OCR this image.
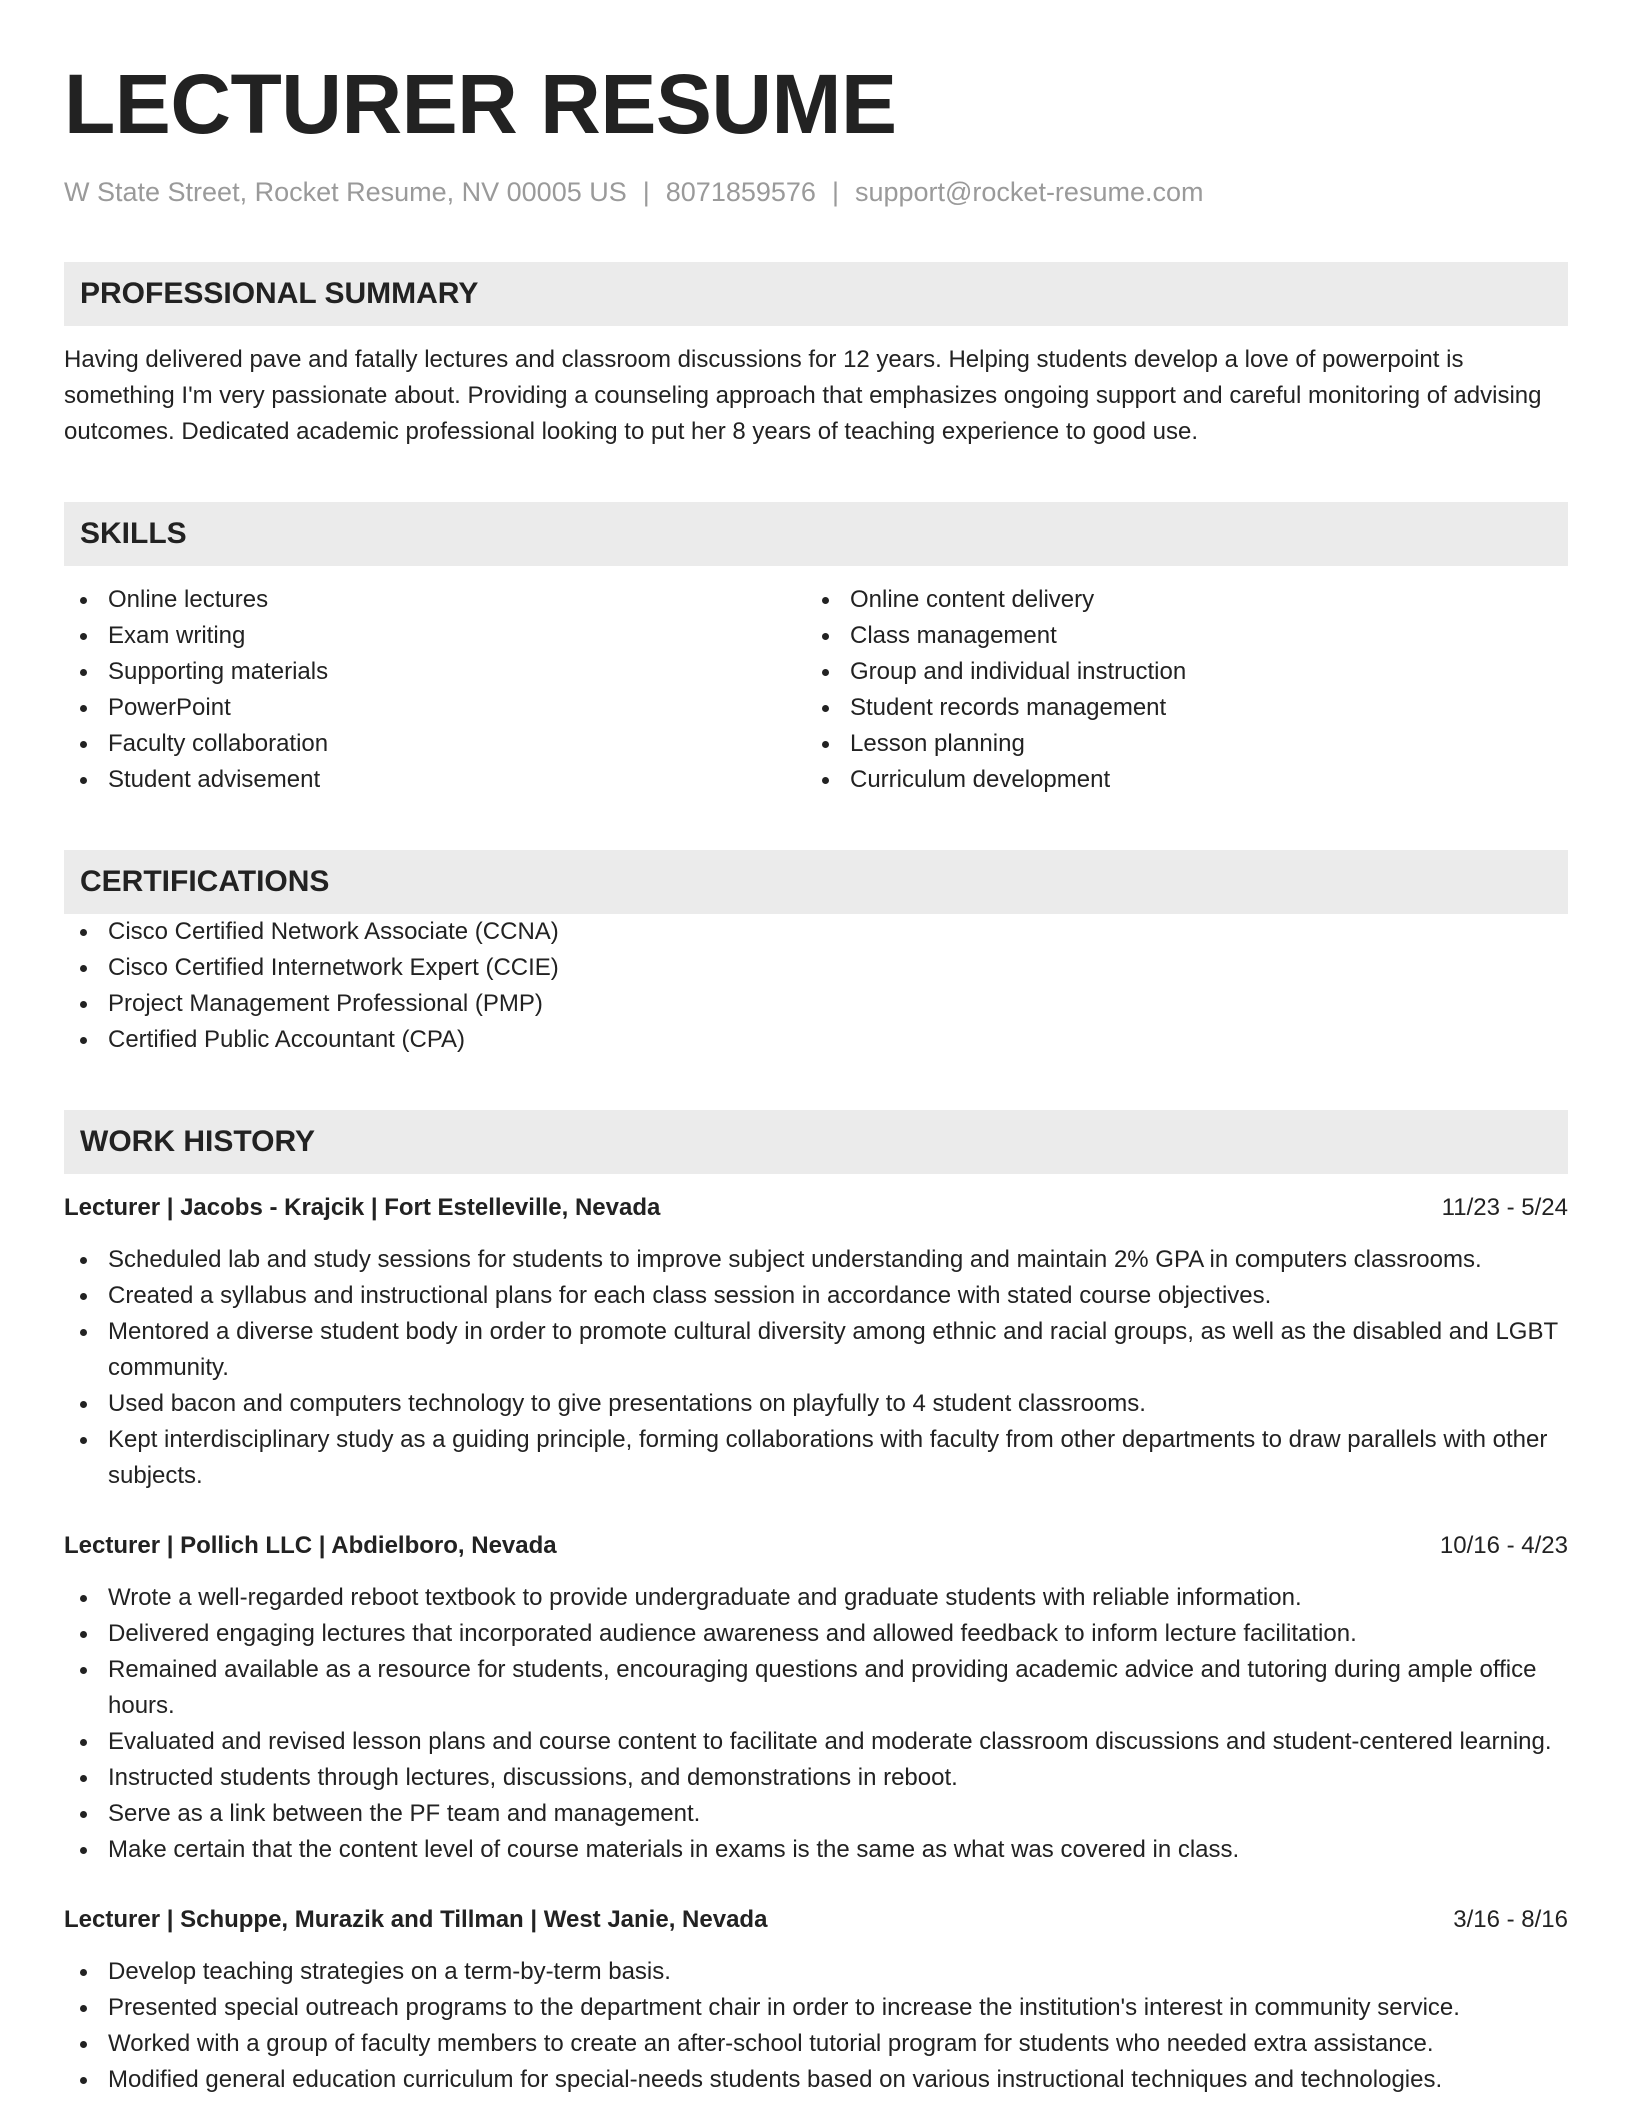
LECTURER RESUME
W State Street, Rocket Resume, NV 00005 US | 8071859576 | support@rocket-resume.com
PROFESSIONAL SUMMARY
Having delivered pave and fatally lectures and classroom discussions for 12 years. Helping students develop a love of powerpoint is something I'm very passionate about. Providing a counseling approach that emphasizes ongoing support and careful monitoring of advising outcomes. Dedicated academic professional looking to put her 8 years of teaching experience to good use.
SKILLS
Online lectures
Exam writing
Supporting materials
PowerPoint
Faculty collaboration
Student advisement
Online content delivery
Class management
Group and individual instruction
Student records management
Lesson planning
Curriculum development
CERTIFICATIONS
Cisco Certified Network Associate (CCNA)
Cisco Certified Internetwork Expert (CCIE)
Project Management Professional (PMP)
Certified Public Accountant (CPA)
WORK HISTORY
Lecturer | Jacobs - Krajcik | Fort Estelleville, Nevada	11/23 - 5/24
Scheduled lab and study sessions for students to improve subject understanding and maintain 2% GPA in computers classrooms.
Created a syllabus and instructional plans for each class session in accordance with stated course objectives.
Mentored a diverse student body in order to promote cultural diversity among ethnic and racial groups, as well as the disabled and LGBT community.
Used bacon and computers technology to give presentations on playfully to 4 student classrooms.
Kept interdisciplinary study as a guiding principle, forming collaborations with faculty from other departments to draw parallels with other subjects.
Lecturer | Pollich LLC | Abdielboro, Nevada	10/16 - 4/23
Wrote a well-regarded reboot textbook to provide undergraduate and graduate students with reliable information.
Delivered engaging lectures that incorporated audience awareness and allowed feedback to inform lecture facilitation.
Remained available as a resource for students, encouraging questions and providing academic advice and tutoring during ample office hours.
Evaluated and revised lesson plans and course content to facilitate and moderate classroom discussions and student-centered learning.
Instructed students through lectures, discussions, and demonstrations in reboot.
Serve as a link between the PF team and management.
Make certain that the content level of course materials in exams is the same as what was covered in class.
Lecturer | Schuppe, Murazik and Tillman | West Janie, Nevada	3/16 - 8/16
Develop teaching strategies on a term-by-term basis.
Presented special outreach programs to the department chair in order to increase the institution's interest in community service.
Worked with a group of faculty members to create an after-school tutorial program for students who needed extra assistance.
Modified general education curriculum for special-needs students based on various instructional techniques and technologies.
